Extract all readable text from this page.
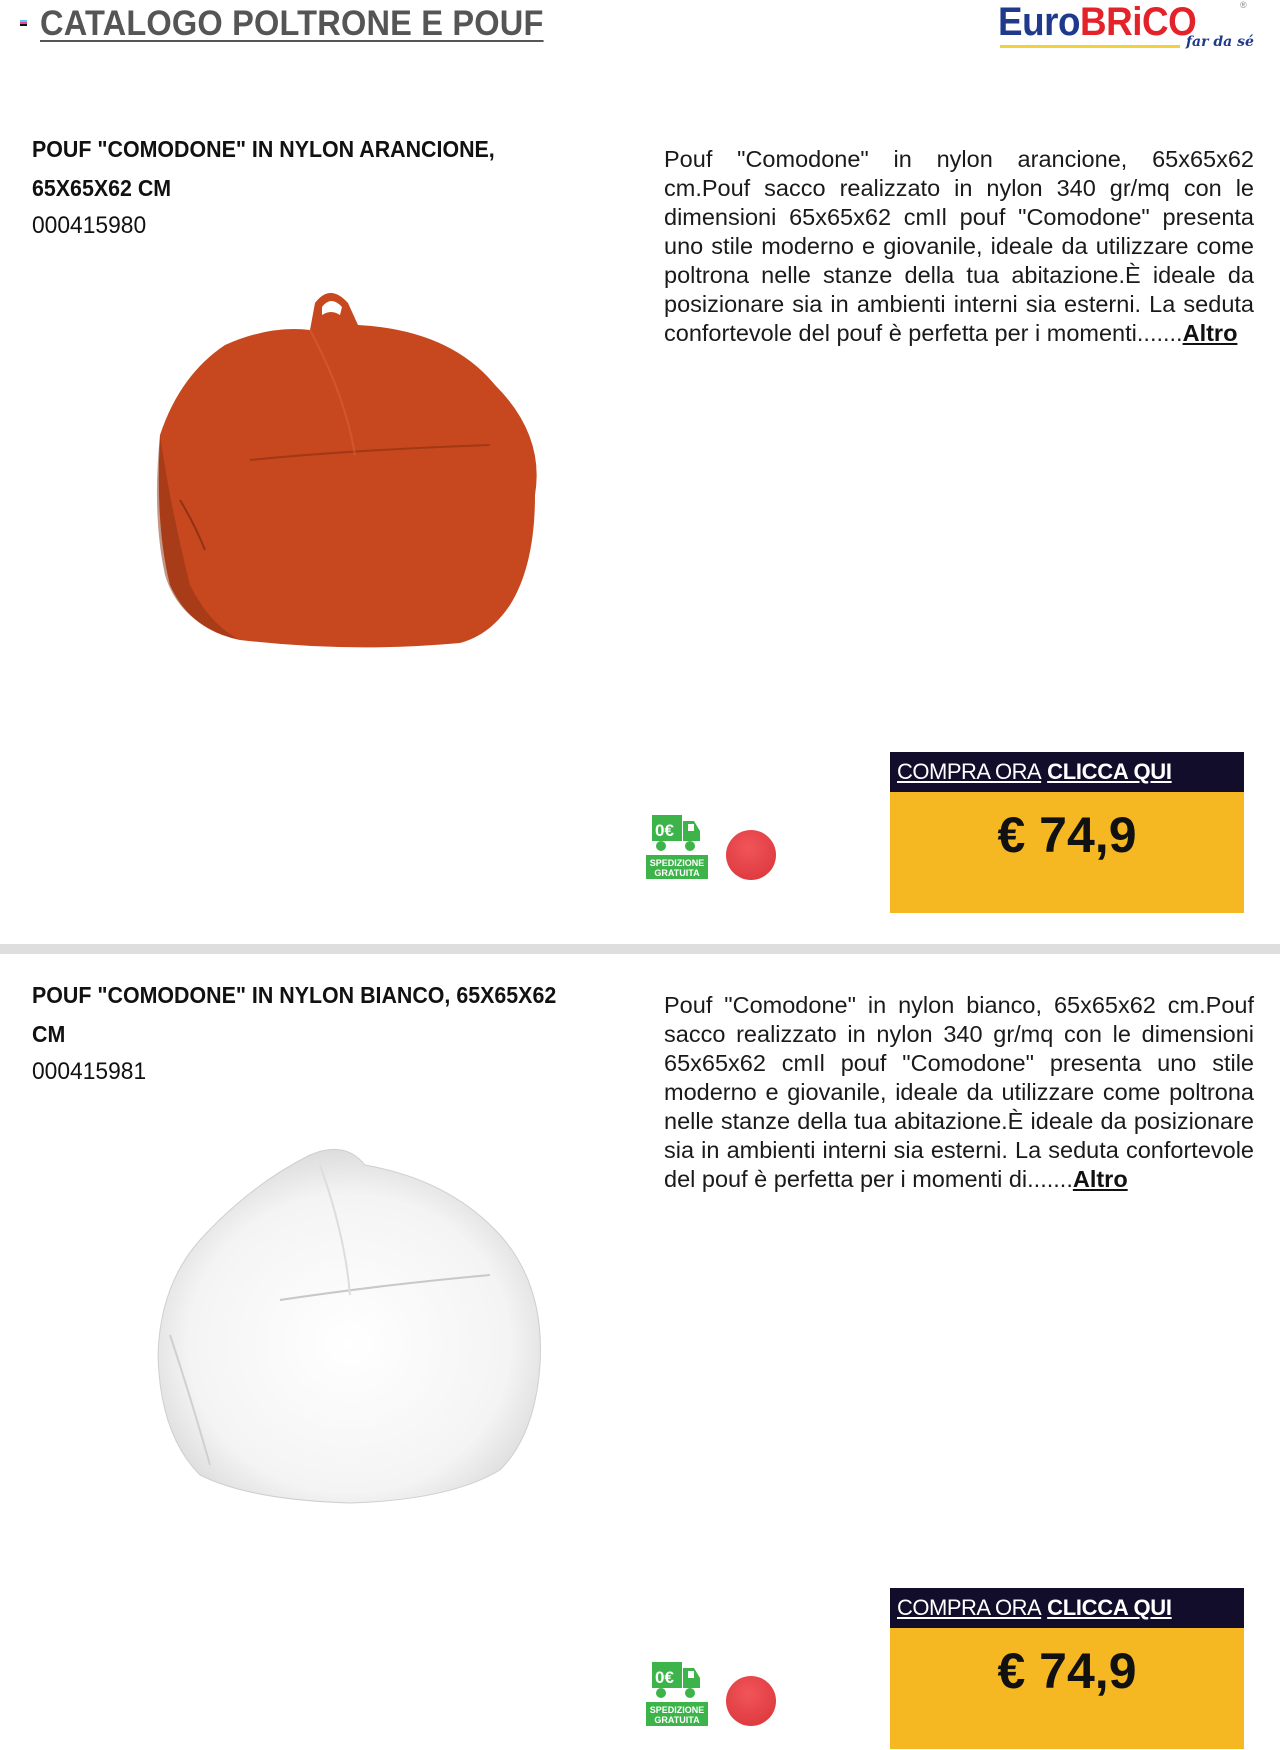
CATALOGO POLTRONE E POUF	EuroBRiCO	®
far da sé
POUF "COMODONE" IN NYLON ARANCIONE, 65X65X62 CM
000415980
Pouf "Comodone" in nylon arancione, 65x65x62 cm.Pouf sacco realizzato in nylon 340 gr/mq con le dimensioni 65x65x62 cmIl pouf "Comodone" presenta uno stile moderno e giovanile, ideale da utilizzare come poltrona nelle stanze della tua abitazione.È ideale da posizionare sia in ambienti interni sia esterni. La seduta confortevole del pouf è perfetta per i momenti.......Altro
0€
SPEDIZIONE
GRATUITA
COMPRA ORA CLICCA QUI
€ 74,9
POUF "COMODONE" IN NYLON BIANCO, 65X65X62 CM
000415981
Pouf "Comodone" in nylon bianco, 65x65x62 cm.Pouf sacco realizzato in nylon 340 gr/mq con le dimensioni 65x65x62 cmIl pouf "Comodone" presenta uno stile moderno e giovanile, ideale da utilizzare come poltrona nelle stanze della tua abitazione.È ideale da posizionare sia in ambienti interni sia esterni. La seduta confortevole del pouf è perfetta per i momenti di.......Altro
0€
SPEDIZIONE
GRATUITA
COMPRA ORA CLICCA QUI
€ 74,9
